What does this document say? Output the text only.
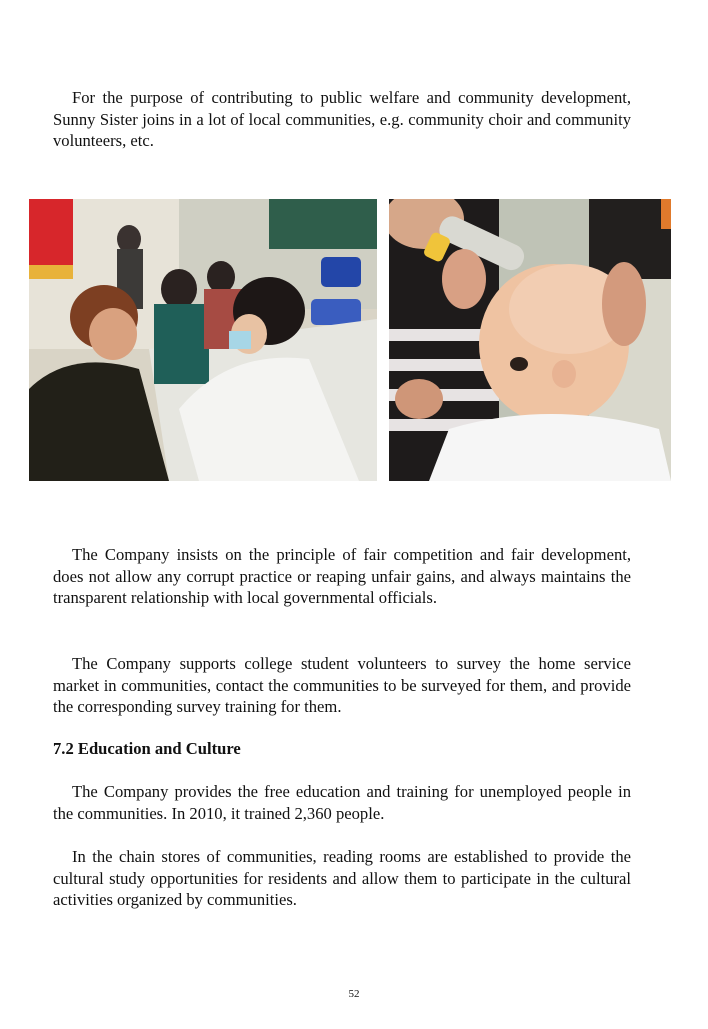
For the purpose of contributing to public welfare and community development, Sunny Sister joins in a lot of local communities, e.g. community choir and community volunteers, etc.

The Company insists on the principle of fair competition and fair development, does not allow any corrupt practice or reaping unfair gains, and always maintains the transparent relationship with local governmental officials.

The Company supports college student volunteers to survey the home service market in communities, contact the communities to be surveyed for them, and provide the corresponding survey training for them.

7.2 Education and Culture

The Company provides the free education and training for unemployed people in the communities. In 2010, it trained 2,360 people.

In the chain stores of communities, reading rooms are established to provide the cultural study opportunities for residents and allow them to participate in the cultural activities organized by communities.

52
